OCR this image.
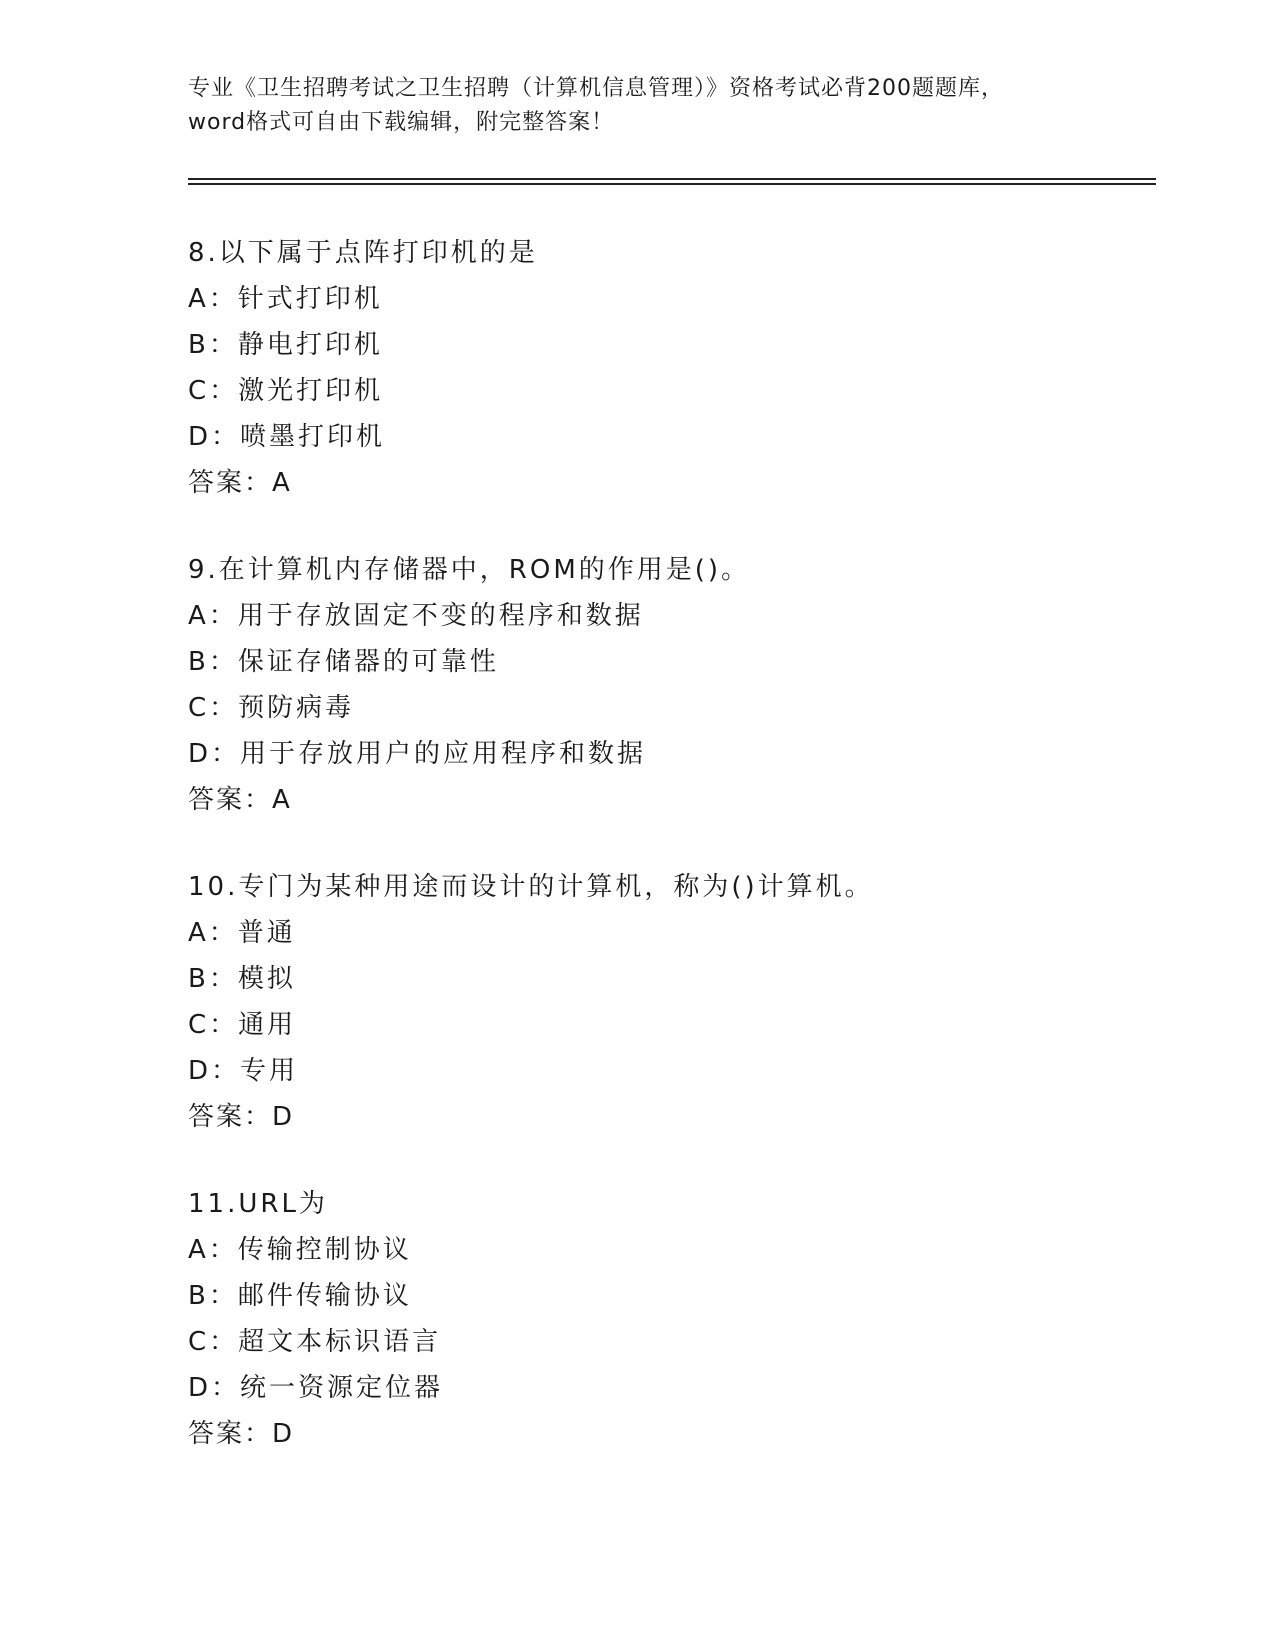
专业《卫生招聘考试之卫生招聘（计算机信息管理）》资格考试必背200题题库，
word格式可自由下载编辑，附完整答案！
8.以下属于点阵打印机的是
A：针式打印机
B：静电打印机
C：激光打印机
D：喷墨打印机
答案：A
9.在计算机内存储器中，ROM的作用是()。
A：用于存放固定不变的程序和数据
B：保证存储器的可靠性
C：预防病毒
D：用于存放用户的应用程序和数据
答案：A
10.专门为某种用途而设计的计算机，称为()计算机。
A：普通
B：模拟
C：通用
D：专用
答案：D
11.URL为
A：传输控制协议
B：邮件传输协议
C：超文本标识语言
D：统一资源定位器
答案：D
